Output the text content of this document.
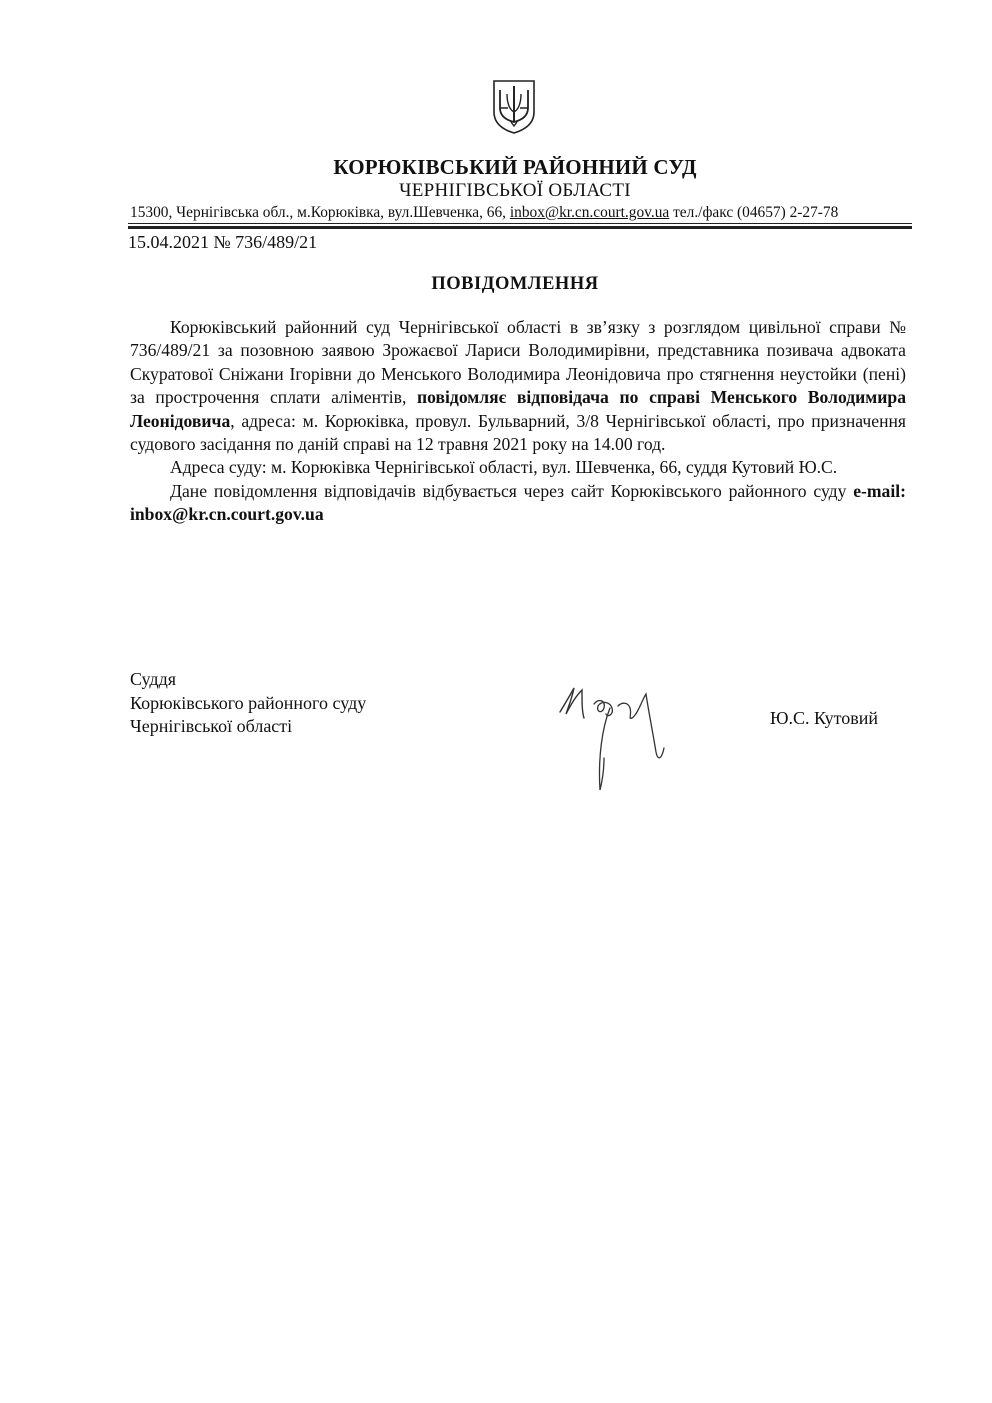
КОРЮКІВСЬКИЙ РАЙОННИЙ СУД
ЧЕРНІГІВСЬКОЇ ОБЛАСТІ
15300, Чернігівська обл., м.Корюківка, вул.Шевченка, 66, inbox@kr.cn.court.gov.ua тел./факс (04657) 2-27-78
15.04.2021 № 736/489/21
ПОВІДОМЛЕННЯ

Корюківський районний суд Чернігівської області в зв’язку з розглядом цивільної справи № 736/489/21 за позовною заявою Зрожаєвої Лариси Володимирівни, представника позивача адвоката Скуратової Сніжани Ігорівни до Менського Володимира Леонідовича про стягнення неустойки (пені) за прострочення сплати аліментів, повідомляє відповідача по справі Менського Володимира Леонідовича, адреса: м. Корюківка, провул. Бульварний, 3/8 Чернігівської області, про призначення судового засідання по даній справі на 12 травня 2021 року на 14.00 год.

Адреса суду: м. Корюківка Чернігівської області, вул. Шевченка, 66, суддя Кутовий Ю.С.

Дане повідомлення відповідачів відбувається через сайт Корюківського районного суду e-mail: inbox@kr.cn.court.gov.ua

Суддя
Корюківського районного суду
Чернігівської області	Ю.С. Кутовий
